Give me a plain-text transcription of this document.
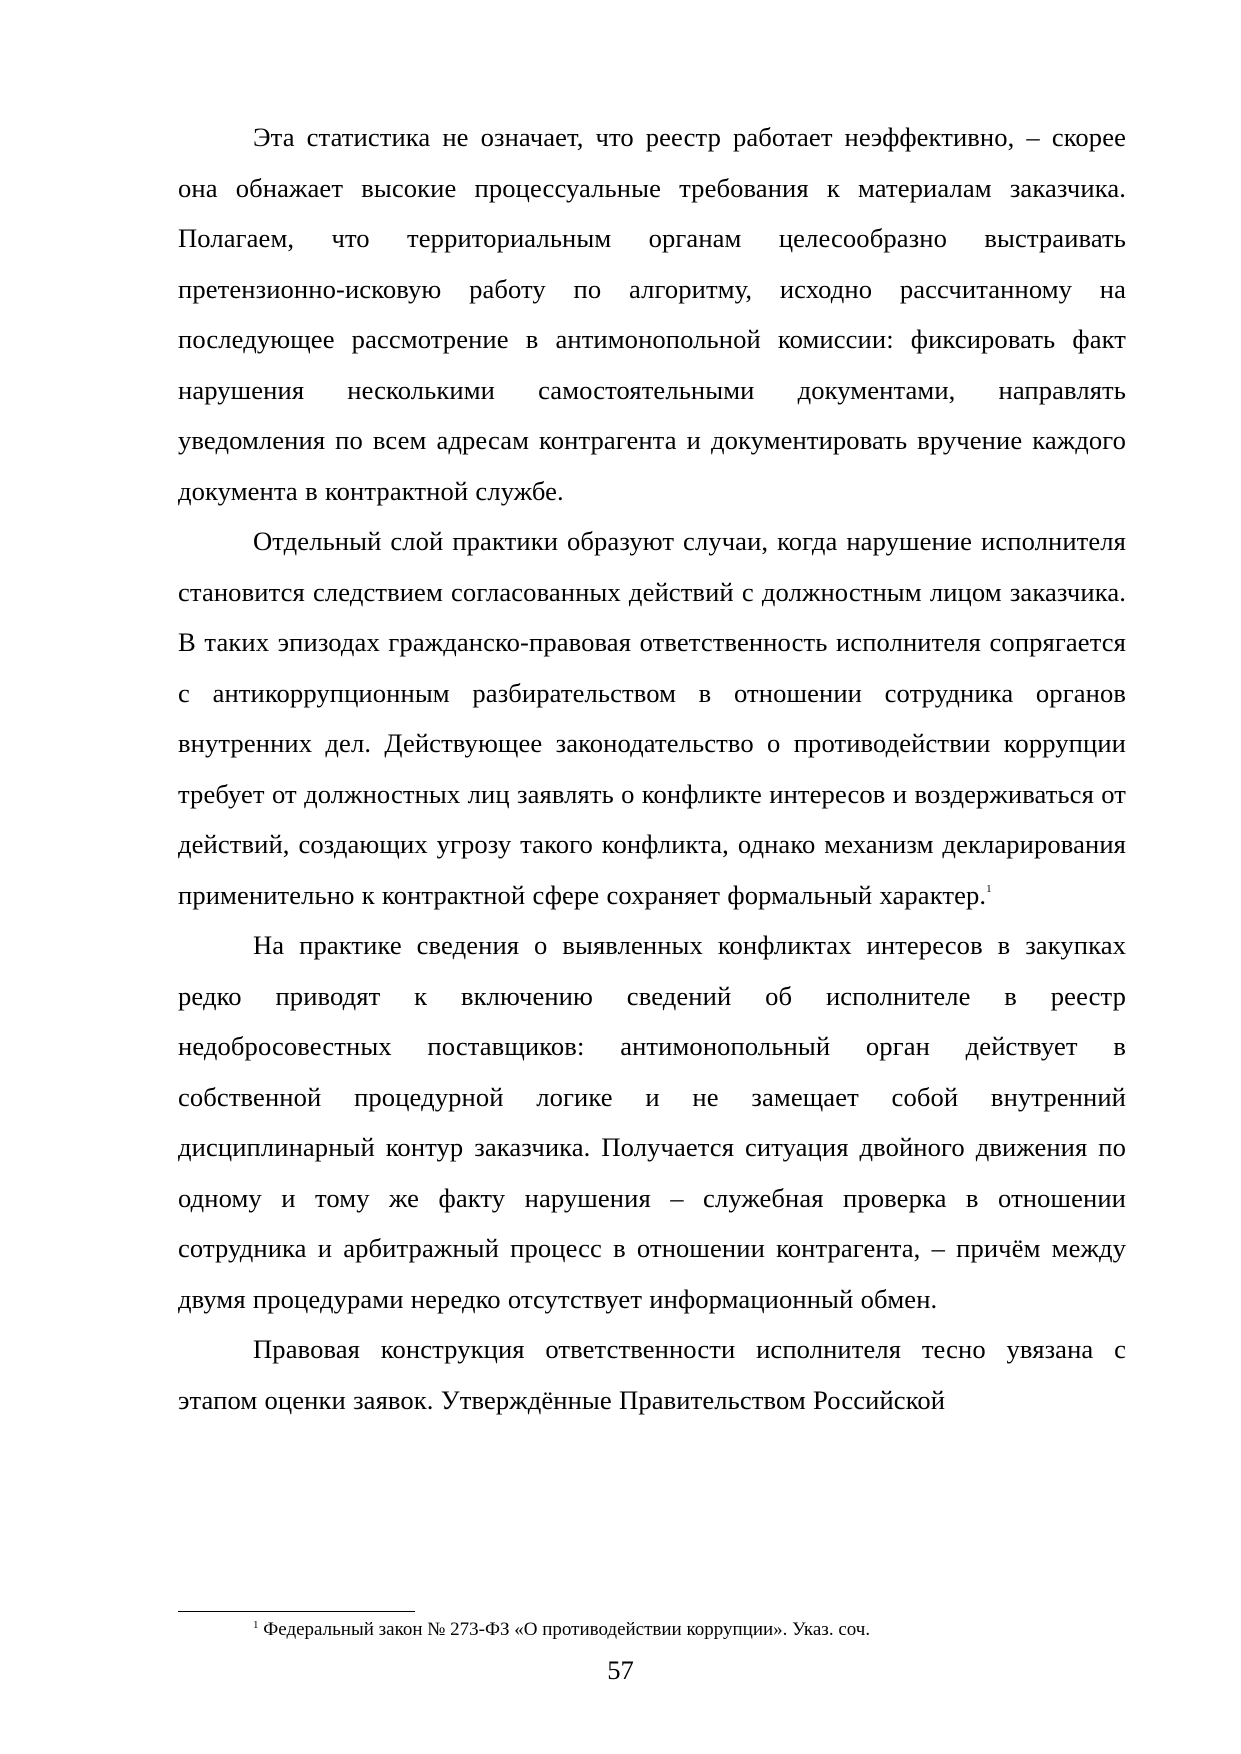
Эта статистика не означает, что реестр работает неэффективно, – скорее она обнажает высокие процессуальные требования к материалам заказчика. Полагаем, что территориальным органам целесообразно выстраивать претензионно-исковую работу по алгоритму, исходно рассчитанному на последующее рассмотрение в антимонопольной комиссии: фиксировать факт нарушения несколькими самостоятельными документами, направлять уведомления по всем адресам контрагента и документировать вручение каждого документа в контрактной службе.

Отдельный слой практики образуют случаи, когда нарушение исполнителя становится следствием согласованных действий с должностным лицом заказчика. В таких эпизодах гражданско-правовая ответственность исполнителя сопрягается с антикоррупционным разбирательством в отношении сотрудника органов внутренних дел. Действующее законодательство о противодействии коррупции требует от должностных лиц заявлять о конфликте интересов и воздерживаться от действий, создающих угрозу такого конфликта, однако механизм декларирования применительно к контрактной сфере сохраняет формальный характер.$^1$

На практике сведения о выявленных конфликтах интересов в закупках редко приводят к включению сведений об исполнителе в реестр недобросовестных поставщиков: антимонопольный орган действует в собственной процедурной логике и не замещает собой внутренний дисциплинарный контур заказчика. Получается ситуация двойного движения по одному и тому же факту нарушения – служебная проверка в отношении сотрудника и арбитражный процесс в отношении контрагента, – причём между двумя процедурами нередко отсутствует информационный обмен.

Правовая конструкция ответственности исполнителя тесно увязана с этапом оценки заявок. Утверждённые Правительством Российской

$^1$ Федеральный закон № 273-ФЗ «О противодействии коррупции». Указ. соч.
57
